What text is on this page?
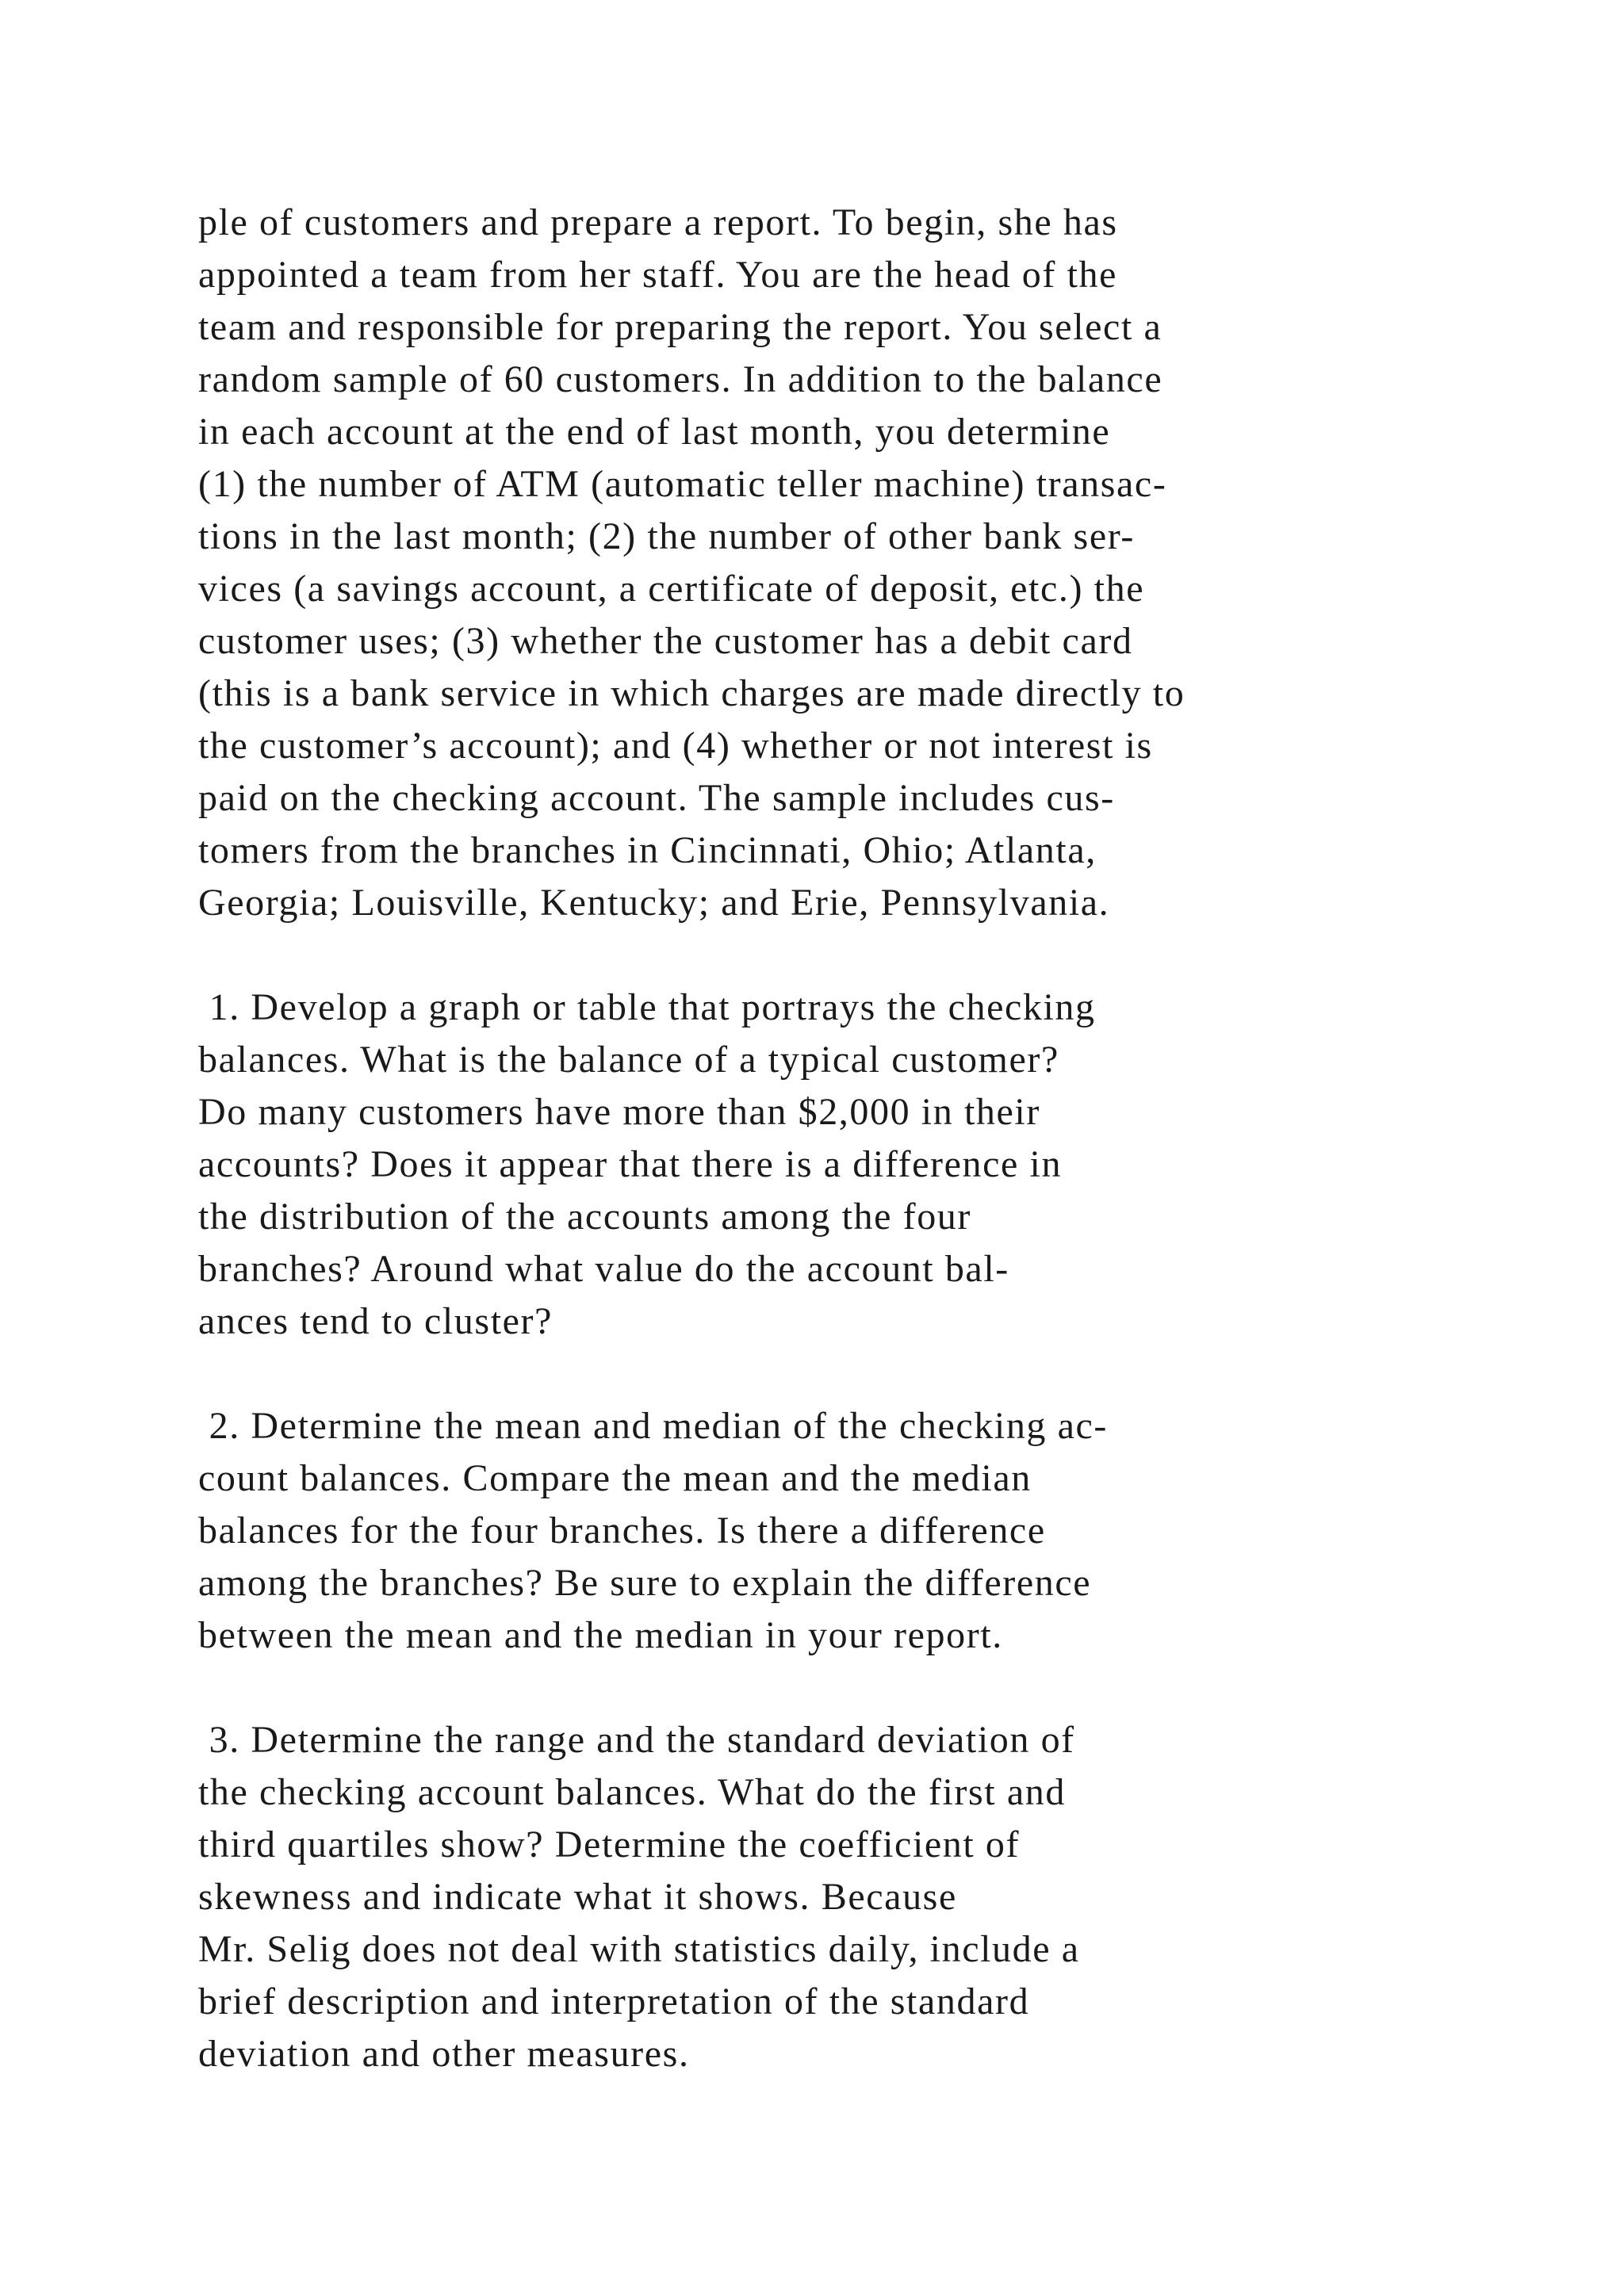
ple of customers and prepare a report. To begin, she has
appointed a team from her staff. You are the head of the
team and responsible for preparing the report. You select a
random sample of 60 customers. In addition to the balance
in each account at the end of last month, you determine
(1) the number of ATM (automatic teller machine) transac-
tions in the last month; (2) the number of other bank ser-
vices (a savings account, a certificate of deposit, etc.) the
customer uses; (3) whether the customer has a debit card
(this is a bank service in which charges are made directly to
the customer’s account); and (4) whether or not interest is
paid on the checking account. The sample includes cus-
tomers from the branches in Cincinnati, Ohio; Atlanta,
Georgia; Louisville, Kentucky; and Erie, Pennsylvania.
1. Develop a graph or table that portrays the checking
balances. What is the balance of a typical customer?
Do many customers have more than $2,000 in their
accounts? Does it appear that there is a difference in
the distribution of the accounts among the four
branches? Around what value do the account bal-
ances tend to cluster?
2. Determine the mean and median of the checking ac-
count balances. Compare the mean and the median
balances for the four branches. Is there a difference
among the branches? Be sure to explain the difference
between the mean and the median in your report.
3. Determine the range and the standard deviation of
the checking account balances. What do the first and
third quartiles show? Determine the coefficient of
skewness and indicate what it shows. Because
Mr. Selig does not deal with statistics daily, include a
brief description and interpretation of the standard
deviation and other measures.
